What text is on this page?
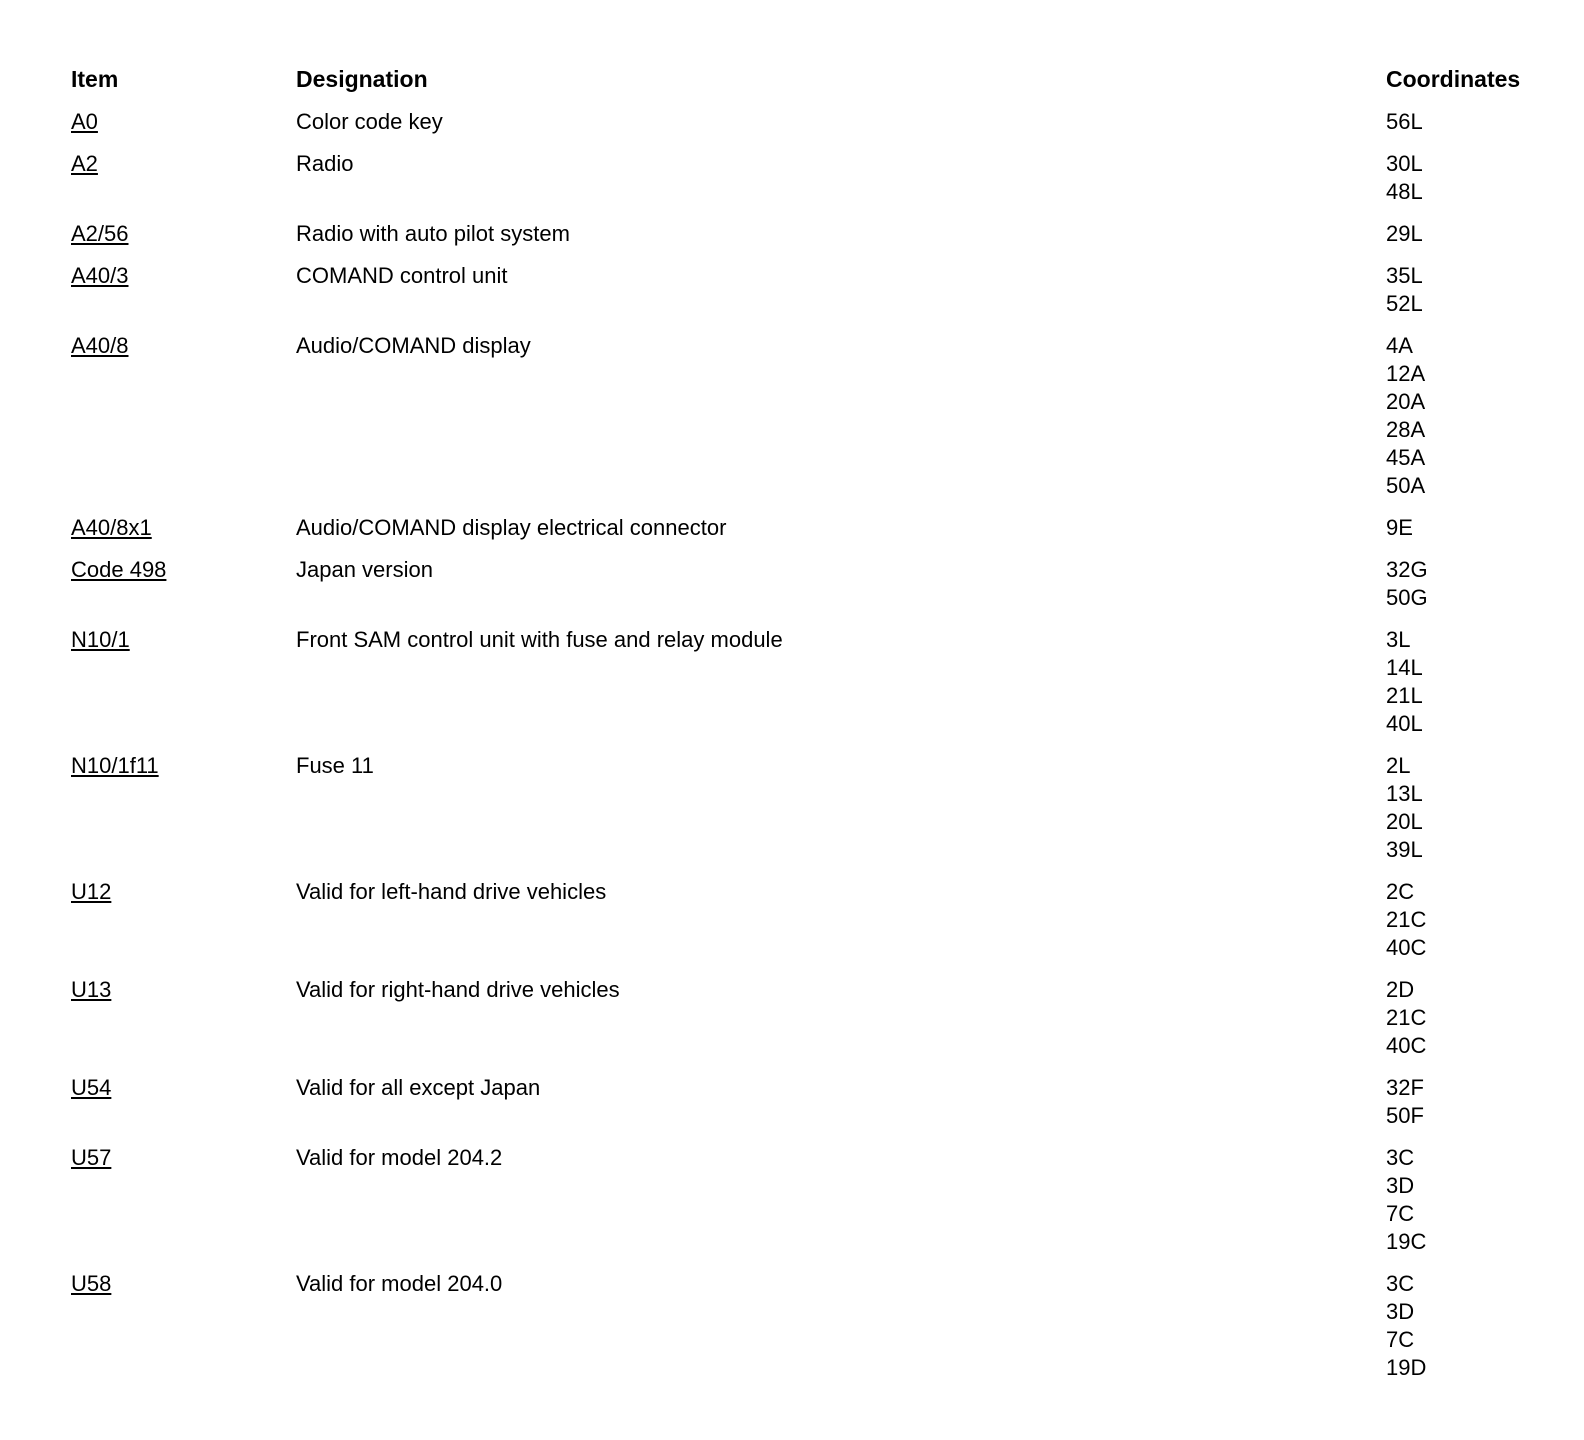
Item	Designation	Coordinates
A0	Color code key	56L
A2	Radio	30L
48L
A2/56	Radio with auto pilot system	29L
A40/3	COMAND control unit	35L
52L
A40/8	Audio/COMAND display	4A
12A
20A
28A
45A
50A
A40/8x1	Audio/COMAND display electrical connector	9E
Code 498	Japan version	32G
50G
N10/1	Front SAM control unit with fuse and relay module	3L
14L
21L
40L
N10/1f11	Fuse 11	2L
13L
20L
39L
U12	Valid for left-hand drive vehicles	2C
21C
40C
U13	Valid for right-hand drive vehicles	2D
21C
40C
U54	Valid for all except Japan	32F
50F
U57	Valid for model 204.2	3C
3D
7C
19C
U58	Valid for model 204.0	3C
3D
7C
19D
